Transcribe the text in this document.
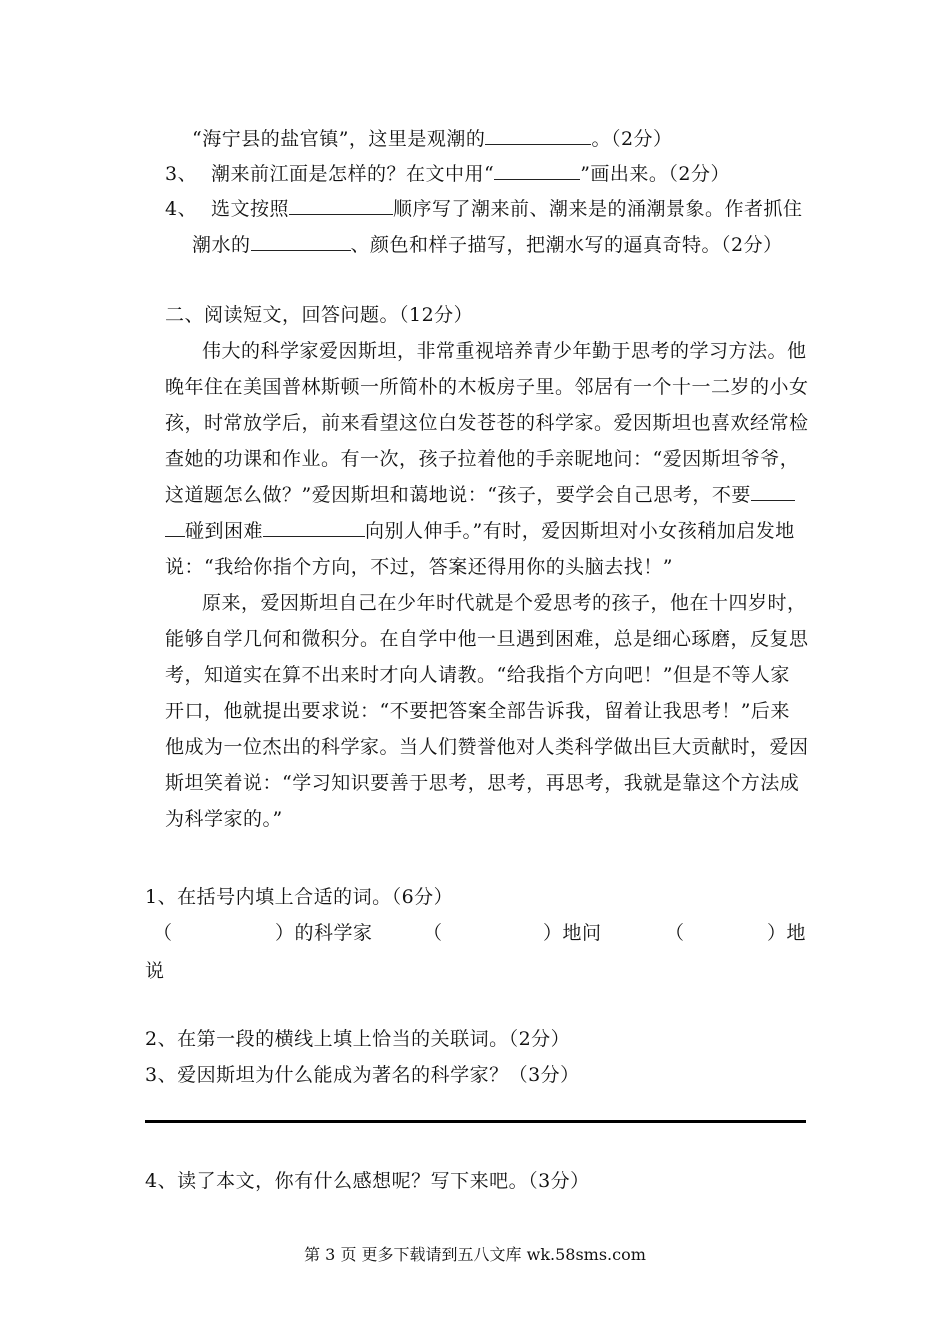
“海宁县的盐官镇”，这里是观潮的	。（2分）
3、 潮来前江面是怎样的？在文中用“	”画出来。（2分）
4、 选文按照	顺序写了潮来前、潮来是的涌潮景象。作者抓住
潮水的	、颜色和样子描写，把潮水写的逼真奇特。（2分）
二、阅读短文，回答问题。（12分）
伟大的科学家爱因斯坦，非常重视培养青少年勤于思考的学习方法。他
晚年住在美国普林斯顿一所简朴的木板房子里。邻居有一个十一二岁的小女
孩，时常放学后，前来看望这位白发苍苍的科学家。爱因斯坦也喜欢经常检
查她的功课和作业。有一次，孩子拉着他的手亲昵地问：“爱因斯坦爷爷，
这道题怎么做？”爱因斯坦和蔼地说：“孩子，要学会自己思考，不要
碰到困难	向别人伸手。”有时，爱因斯坦对小女孩稍加启发地
说：“我给你指个方向，不过，答案还得用你的头脑去找！”
原来，爱因斯坦自己在少年时代就是个爱思考的孩子，他在十四岁时，
能够自学几何和微积分。在自学中他一旦遇到困难，总是细心琢磨，反复思
考，知道实在算不出来时才向人请教。“给我指个方向吧！”但是不等人家
开口，他就提出要求说：“不要把答案全部告诉我，留着让我思考！”后来
他成为一位杰出的科学家。当人们赞誉他对人类科学做出巨大贡献时，爱因
斯坦笑着说：“学习知识要善于思考，思考，再思考，我就是靠这个方法成
为科学家的。”
1、在括号内填上合适的词。（6分）
（	）的科学家	（	）地问	（	）地
说
2、在第一段的横线上填上恰当的关联词。（2分）
3、爱因斯坦为什么能成为著名的科学家？（3分）
4、读了本文，你有什么感想呢？写下来吧。（3分）
第 3 页 更多下载请到五八文库 wk.58sms.com
